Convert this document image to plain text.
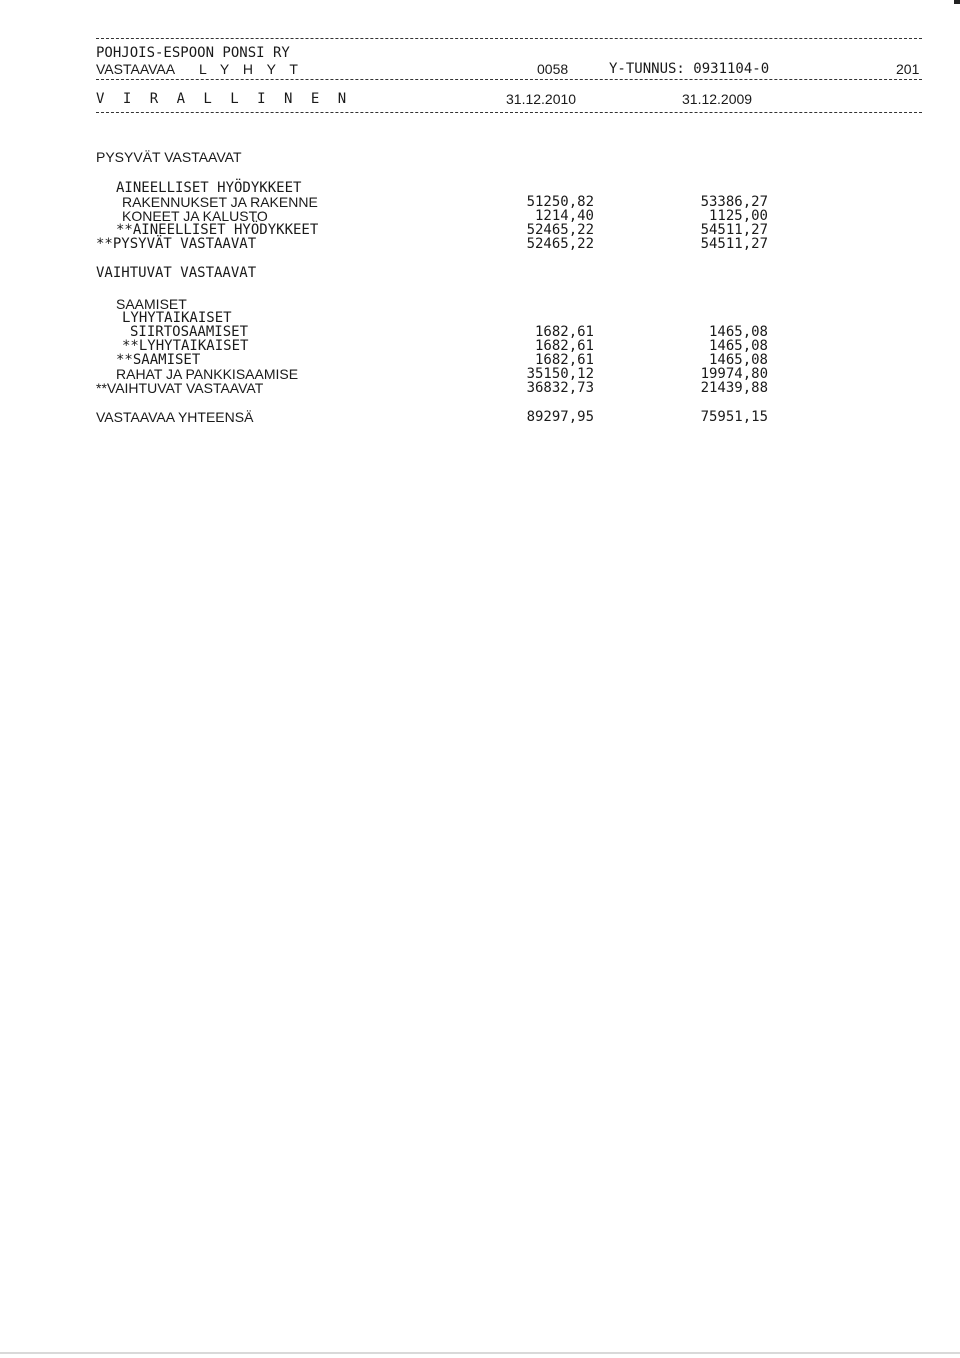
POHJOIS-ESPOON PONSI RY
VASTAAVAA L Y H Y T	0058	Y-TUNNUS: 0931104-0	201
V I R A L L I N E N	31.12.2010	31.12.2009
PYSYVÄT VASTAAVAT
AINEELLISET HYÖDYKKEET
RAKENNUKSET JA RAKENNE	51250,82	53386,27
KONEET JA KALUSTO	1214,40	1125,00
**AINEELLISET HYÖDYKKEET	52465,22	54511,27
**PYSYVÄT VASTAAVAT	52465,22	54511,27
VAIHTUVAT VASTAAVAT
SAAMISET
LYHYTAIKAISET
SIIRTOSAAMISET	1682,61	1465,08
**LYHYTAIKAISET	1682,61	1465,08
**SAAMISET	1682,61	1465,08
RAHAT JA PANKKISAAMISE	35150,12	19974,80
**VAIHTUVAT VASTAAVAT	36832,73	21439,88
VASTAAVAA YHTEENSÄ	89297,95	75951,15
